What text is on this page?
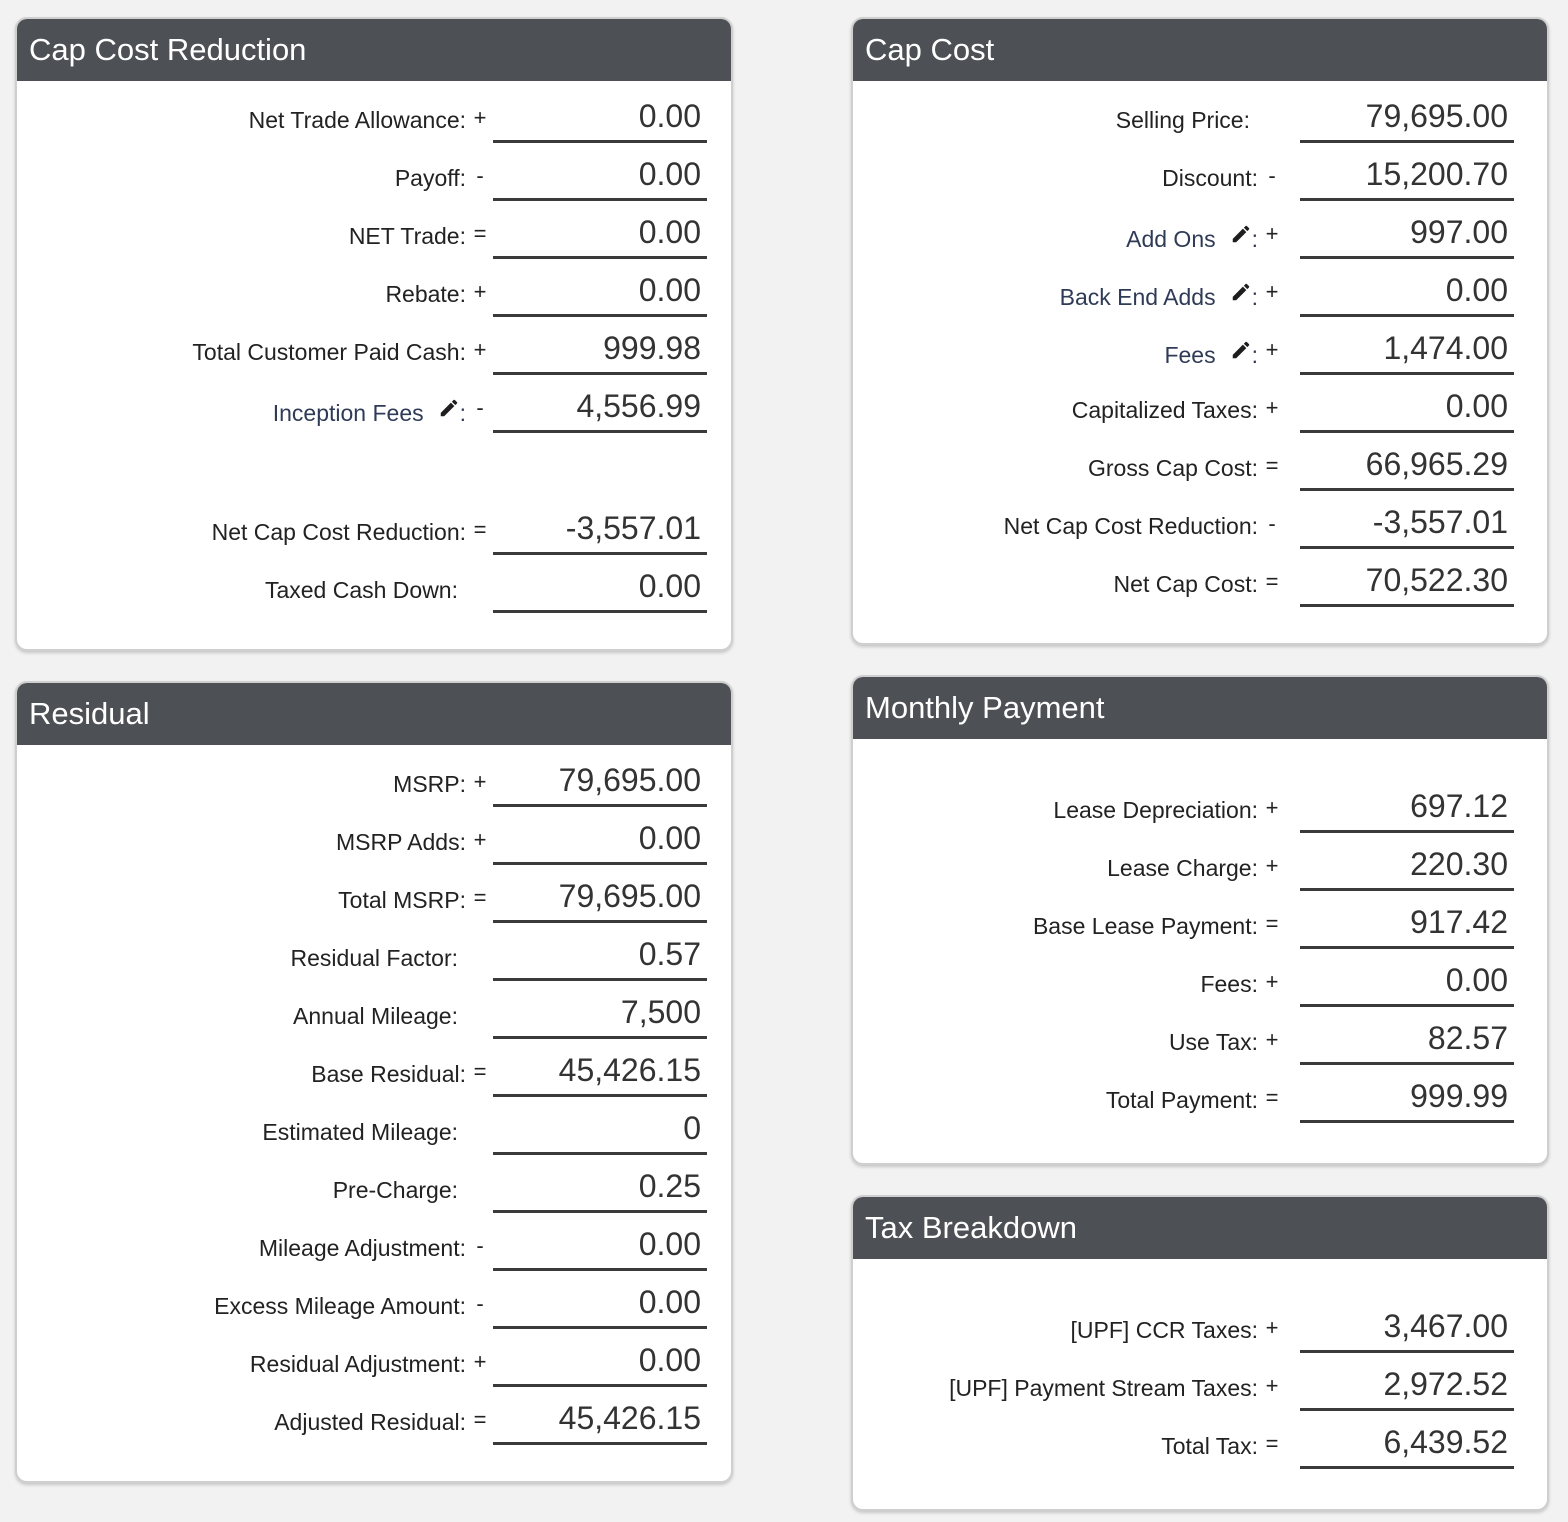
Cap Cost Reduction
Net Trade Allowance: +	0.00
Payoff: -	0.00
NET Trade: =	0.00
Rebate: +	0.00
Total Customer Paid Cash: +	999.98
Inception Fees : -	4,556.99
Net Cap Cost Reduction: =	-3,557.01
Taxed Cash Down:	0.00
Cap Cost
Selling Price:	79,695.00
Discount: -	15,200.70
Add Ons : +	997.00
Back End Adds : +	0.00
Fees : +	1,474.00
Capitalized Taxes: +	0.00
Gross Cap Cost: =	66,965.29
Net Cap Cost Reduction: -	-3,557.01
Net Cap Cost: =	70,522.30
Residual
MSRP: +	79,695.00
MSRP Adds: +	0.00
Total MSRP: =	79,695.00
Residual Factor:	0.57
Annual Mileage:	7,500
Base Residual: =	45,426.15
Estimated Mileage:	0
Pre-Charge:	0.25
Mileage Adjustment: -	0.00
Excess Mileage Amount: -	0.00
Residual Adjustment: +	0.00
Adjusted Residual: =	45,426.15
Monthly Payment
Lease Depreciation: +	697.12
Lease Charge: +	220.30
Base Lease Payment: =	917.42
Fees: +	0.00
Use Tax: +	82.57
Total Payment: =	999.99
Tax Breakdown
[UPF] CCR Taxes: +	3,467.00
[UPF] Payment Stream Taxes: +	2,972.52
Total Tax: =	6,439.52
